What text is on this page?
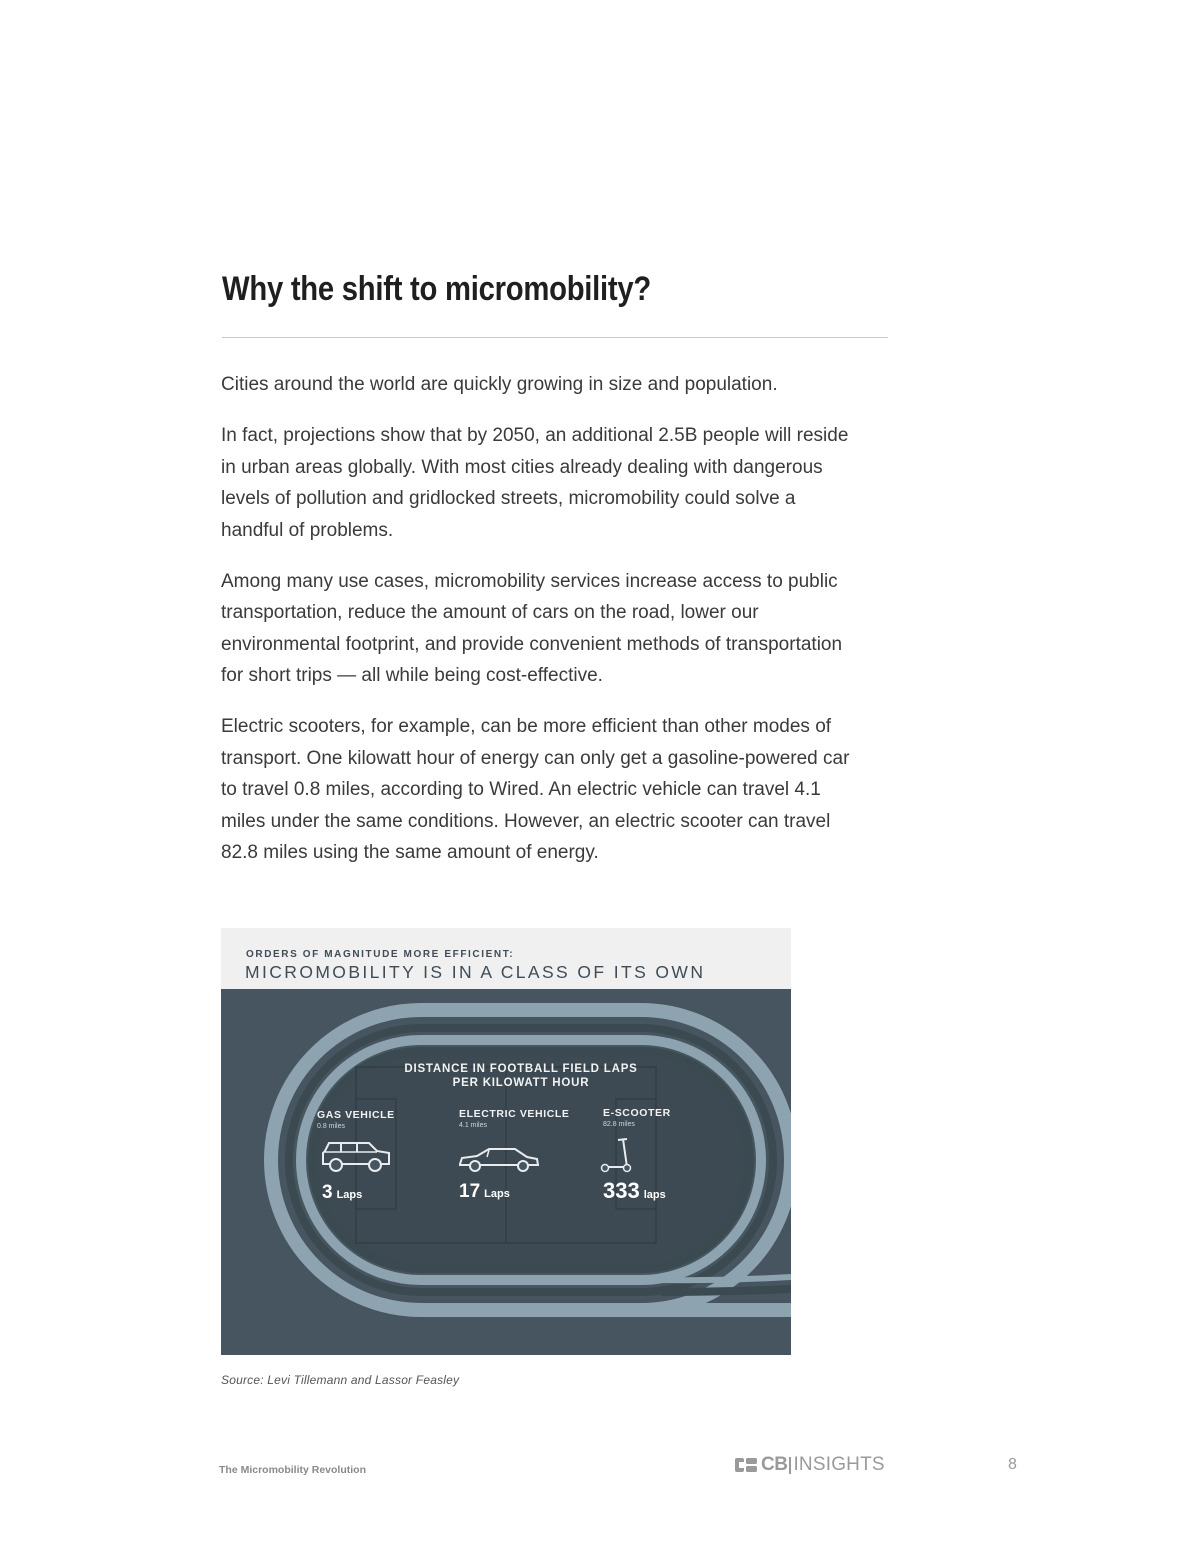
Why the shift to micromobility?

Cities around the world are quickly growing in size and population.

In fact, projections show that by 2050, an additional 2.5B people will reside in urban areas globally. With most cities already dealing with dangerous levels of pollution and gridlocked streets, micromobility could solve a handful of problems.

Among many use cases, micromobility services increase access to public transportation, reduce the amount of cars on the road, lower our environmental footprint, and provide convenient methods of transportation for short trips — all while being cost-effective.

Electric scooters, for example, can be more efficient than other modes of transport. One kilowatt hour of energy can only get a gasoline-powered car to travel 0.8 miles, according to Wired. An electric vehicle can travel 4.1 miles under the same conditions. However, an electric scooter can travel 82.8 miles using the same amount of energy.

ORDERS OF MAGNITUDE MORE EFFICIENT:
MICROMOBILITY IS IN A CLASS OF ITS OWN
DISTANCE IN FOOTBALL FIELD LAPS
PER KILOWATT HOUR
GAS VEHICLE
0.8 miles
3 Laps
ELECTRIC VEHICLE
4.1 miles
17 Laps
E-SCOOTER
82.8 miles
333 laps
Source: Levi Tillemann and Lassor Feasley
The Micromobility Revolution	CB INSIGHTS	8
